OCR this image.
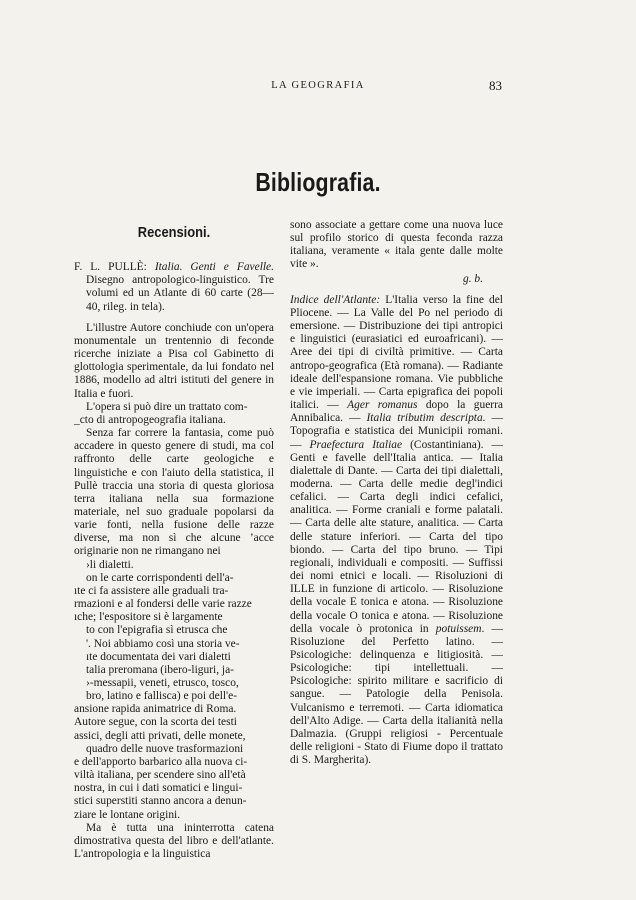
LA GEOGRAFIA	83
Bibliografia.
Recensioni.

F. L. PULLÈ: Italia. Genti e Favelle. Disegno antropologico-linguistico. Tre volumi ed un Atlante di 60 carte (28—40, rileg. in tela).

L'illustre Autore conchiude con un'opera monumentale un trentennio di feconde ricerche iniziate a Pisa col Gabinetto di glottologia sperimentale, da lui fondato nel 1886, modello ad altri istituti del genere in Italia e fuori.

L'opera si può dire un trattato com-

_cto di antropogeografia italiana.

Senza far correre la fantasia, come può accadere in questo genere di studi, ma col raffronto delle carte geologiche e linguistiche e con l'aiuto della statistica, il Pullè traccia una storia di questa gloriosa terra italiana nella sua formazione materiale, nel suo graduale popolarsi da varie fonti, nella fusione delle razze diverse, ma non sì che alcune ’acce originarie non ne rimangano nei

›li dialetti.

on le carte corrispondenti dell'a-

ıte ci fa assistere alle graduali tra-

rmazioni e al fondersi delle varie razze

ıche; l'espositore si è largamente

to con l'epigrafia sì etrusca che

'. Noi abbiamo così una storia ve-

ıte documentata dei vari dialetti

talia preromana (ibero-liguri, ja-

›-messapii, veneti, etrusco, tosco,

bro, latino e fallisca) e poi dell'e-

ansione rapida animatrice di Roma.

Autore segue, con la scorta dei testi

assici, degli atti privati, delle monete,

quadro delle nuove trasformazioni

e dell'apporto barbarico alla nuova ci-

viltà italiana, per scendere sino all'età

nostra, in cui i dati somatici e lingui-

stici superstiti stanno ancora a denun-

ziare le lontane origini.

Ma è tutta una ininterrotta catena dimostrativa questa del libro e dell'atlante. L'antropologia e la linguistica

sono associate a gettare come una nuova luce sul profilo storico di questa feconda razza italiana, veramente « itala gente dalle molte vite ».

g. b.

Indice dell'Atlante: L'Italia verso la fine del Pliocene. — La Valle del Po nel periodo di emersione. — Distribuzione dei tipi antropici e linguistici (eurasiatici ed euroafricani). — Aree dei tipi di civiltà primitive. — Carta antropo-geografica (Età romana). — Radiante ideale dell'espansione romana. Vie pubbliche e vie imperiali. — Carta epigrafica dei popoli italici. — Ager romanus dopo la guerra Annibalica. — Italia tributim descripta. — Topografia e statistica dei Municipii romani. — Praefectura Italiae (Costantiniana). — Genti e favelle dell'Italia antica. — Italia dialettale di Dante. — Carta dei tipi dialettali, moderna. — Carta delle medie degl'indici cefalici. — Carta degli indici cefalici, analitica. — Forme craniali e forme palatali. — Carta delle alte stature, analitica. — Carta delle stature inferiori. — Carta del tipo biondo. — Carta del tipo bruno. — Tipi regionali, individuali e compositi. — Suffissi dei nomi etnici e locali. — Risoluzioni di ILLE in funzione di articolo. — Risoluzione della vocale E tonica e atona. — Risoluzione della vocale O tonica e atona. — Risoluzione della vocale ò protonica in potuissem. — Risoluzione del Perfetto latino. — Psicologiche: delinquenza e litigiosità. — Psicologiche: tipi intellettuali. — Psicologiche: spirito militare e sacrificio di sangue. — Patologie della Penisola. Vulcanismo e terremoti. — Carta idiomatica dell'Alto Adige. — Carta della italianità nella Dalmazia. (Gruppi religiosi - Percentuale delle religioni - Stato di Fiume dopo il trattato di S. Margherita).
